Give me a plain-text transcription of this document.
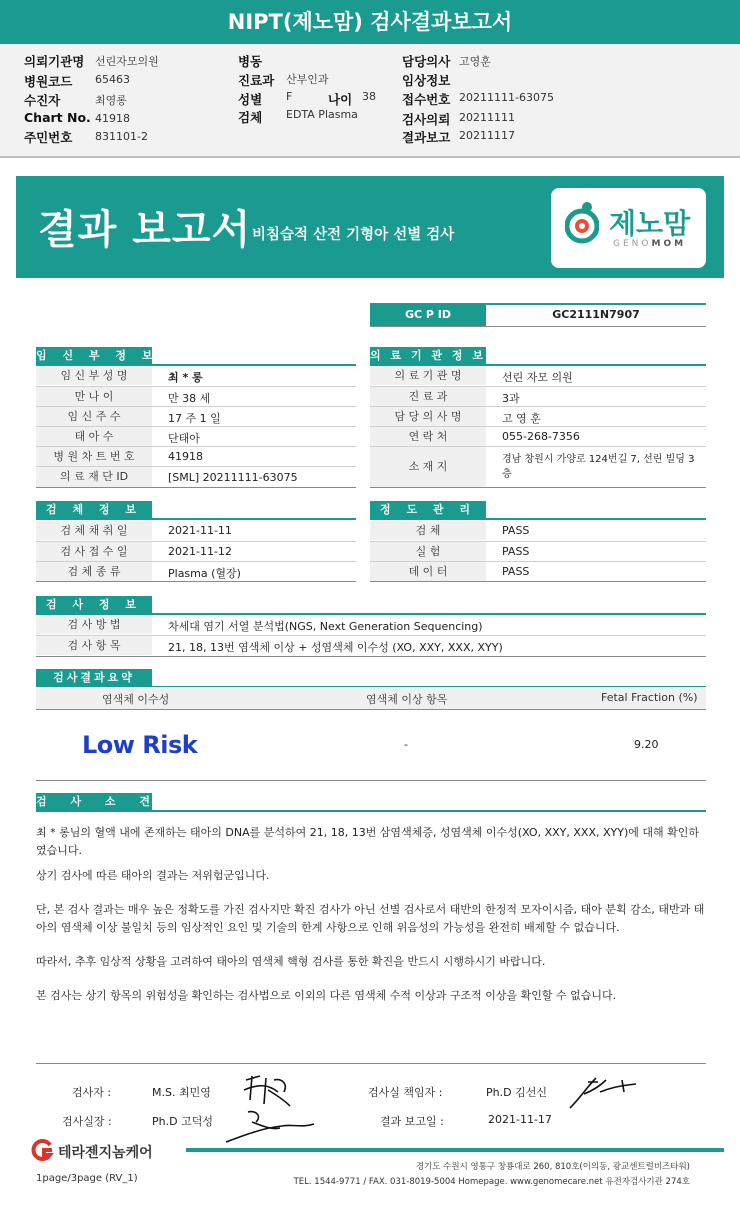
NIPT(제노맘) 검사결과보고서
의뢰기관명 선린자모의원
병원코드 65463
수진자	최영롱
Chart No. 41918
주민번호 831101-2
병동
진료과 산부인과
성별 F	나이 38
검체 EDTA Plasma
담당의사 고영훈
임상정보
접수번호 20211111-63075
검사의뢰 20211111
결과보고 20211117
결과 보고서 비침습적 산전 기형아 선별 검사	제노맘
GENOMOM
GC P ID	GC2111N7907
임 신 부 정 보
임 신 부 성 명	최 * 롱
만 나 이	만 38 세
임 신 주 수	17 주 1 일
태 아 수	단태아
병 원 차 트 번 호	41918
의 료 재 단 ID	[SML] 20211111-63075
의 료 기 관 정 보
의 료 기 관 명	선린 자모 의원
진 료 과	3과
담 당 의 사 명	고 영 훈
연 락 처	055-268-7356
소 재 지
경남 창원시 가양로 124번길 7, 선린 빌딩 3층
검 체 정 보
검 체 채 취 일	2021-11-11
검 사 접 수 일	2021-11-12
검 체 종 류	Plasma (혈장)
정 도 관 리
검 체	PASS
실 험	PASS
데 이 터	PASS
검 사 정 보
검 사 방 법	차세대 염기 서열 분석법(NGS, Next Generation Sequencing)
검 사 항 목	21, 18, 13번 염색체 이상 + 성염색체 이수성 (XO, XXY, XXX, XYY)
검사결과요약
염색체 이수성	염색체 이상 항목	Fetal Fraction (%)
Low Risk	-	9.20
검 사 소 견
최 * 롱님의 혈액 내에 존재하는 태아의 DNA를 분석하여 21, 18, 13번 삼염색체증, 성염색체 이수성(XO, XXY, XXX, XYY)에 대해 확인하였습니다.
상기 검사에 따른 태아의 결과는 저위험군입니다.
단, 본 검사 결과는 매우 높은 정확도를 가진 검사지만 확진 검사가 아닌 선별 검사로서 태반의 한정적 모자이시즘, 태아 분획 감소, 태반과 태아의 염색체 이상 불일치 등의 임상적인 요인 및 기술의 한계 사항으로 인해 위음성의 가능성을 완전히 배제할 수 없습니다.
따라서, 추후 임상적 상황을 고려하여 태아의 염색체 핵형 검사를 통한 확진을 반드시 시행하시기 바랍니다.
본 검사는 상기 항목의 위험성을 확인하는 검사법으로 이외의 다른 염색체 수적 이상과 구조적 이상을 확인할 수 없습니다.
검사자 :	M.S. 최민영	검사실 책임자 :	Ph.D 김선신
검사실장 :	Ph.D 고덕성	결과 보고일 :	2021-11-17
테라젠지놈케어
경기도 수원시 영통구 창룡대로 260, 810호(이의동, 광교센트럴비즈타워)
TEL. 1544-9771 / FAX. 031-8019-5004 Homepage. www.genomecare.net 유전자검사기관 274호
1page/3page (RV_1)
